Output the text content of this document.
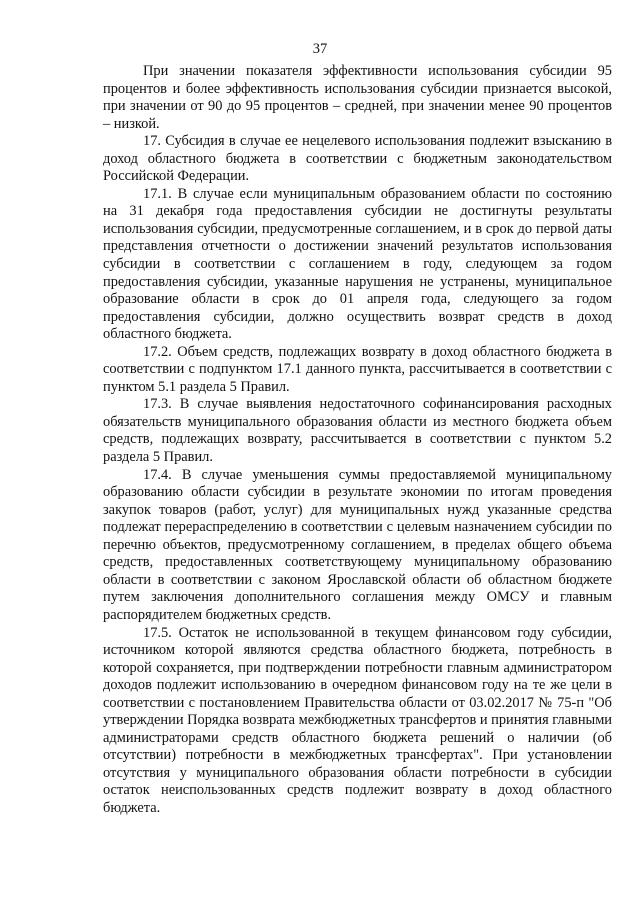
37

При значении показателя эффективности использования субсидии 95 процентов и более эффективность использования субсидии признается высокой, при значении от 90 до 95 процентов – средней, при значении менее 90 процентов – низкой.

17. Субсидия в случае ее нецелевого использования подлежит взысканию в доход областного бюджета в соответствии с бюджетным законодательством Российской Федерации.

17.1. В случае если муниципальным образованием области по состоянию на 31 декабря года предоставления субсидии не достигнуты результаты использования субсидии, предусмотренные соглашением, и в срок до первой даты представления отчетности о достижении значений результатов использования субсидии в соответствии с соглашением в году, следующем за годом предоставления субсидии, указанные нарушения не устранены, муниципальное образование области в срок до 01 апреля года, следующего за годом предоставления субсидии, должно осуществить возврат средств в доход областного бюджета.

17.2. Объем средств, подлежащих возврату в доход областного бюджета в соответствии с подпунктом 17.1 данного пункта, рассчитывается в соответствии с пунктом 5.1 раздела 5 Правил.

17.3. В случае выявления недостаточного софинансирования расходных обязательств муниципального образования области из местного бюджета объем средств, подлежащих возврату, рассчитывается в соответствии с пунктом 5.2 раздела 5 Правил.

17.4. В случае уменьшения суммы предоставляемой муниципальному образованию области субсидии в результате экономии по итогам проведения закупок товаров (работ, услуг) для муниципальных нужд указанные средства подлежат перераспределению в соответствии с целевым назначением субсидии по перечню объектов, предусмотренному соглашением, в пределах общего объема средств, предоставленных соответствующему муниципальному образованию области в соответствии с законом Ярославской области об областном бюджете путем заключения дополнительного соглашения между ОМСУ и главным распорядителем бюджетных средств.

17.5. Остаток не использованной в текущем финансовом году субсидии, источником которой являются средства областного бюджета, потребность в которой сохраняется, при подтверждении потребности главным администратором доходов подлежит использованию в очередном финансовом году на те же цели в соответствии с постановлением Правительства области от 03.02.2017 № 75-п "Об утверждении Порядка возврата межбюджетных трансфертов и принятия главными администраторами средств областного бюджета решений о наличии (об отсутствии) потребности в межбюджетных трансфертах". При установлении отсутствия у муниципального образования области потребности в субсидии остаток неиспользованных средств подлежит возврату в доход областного бюджета.
